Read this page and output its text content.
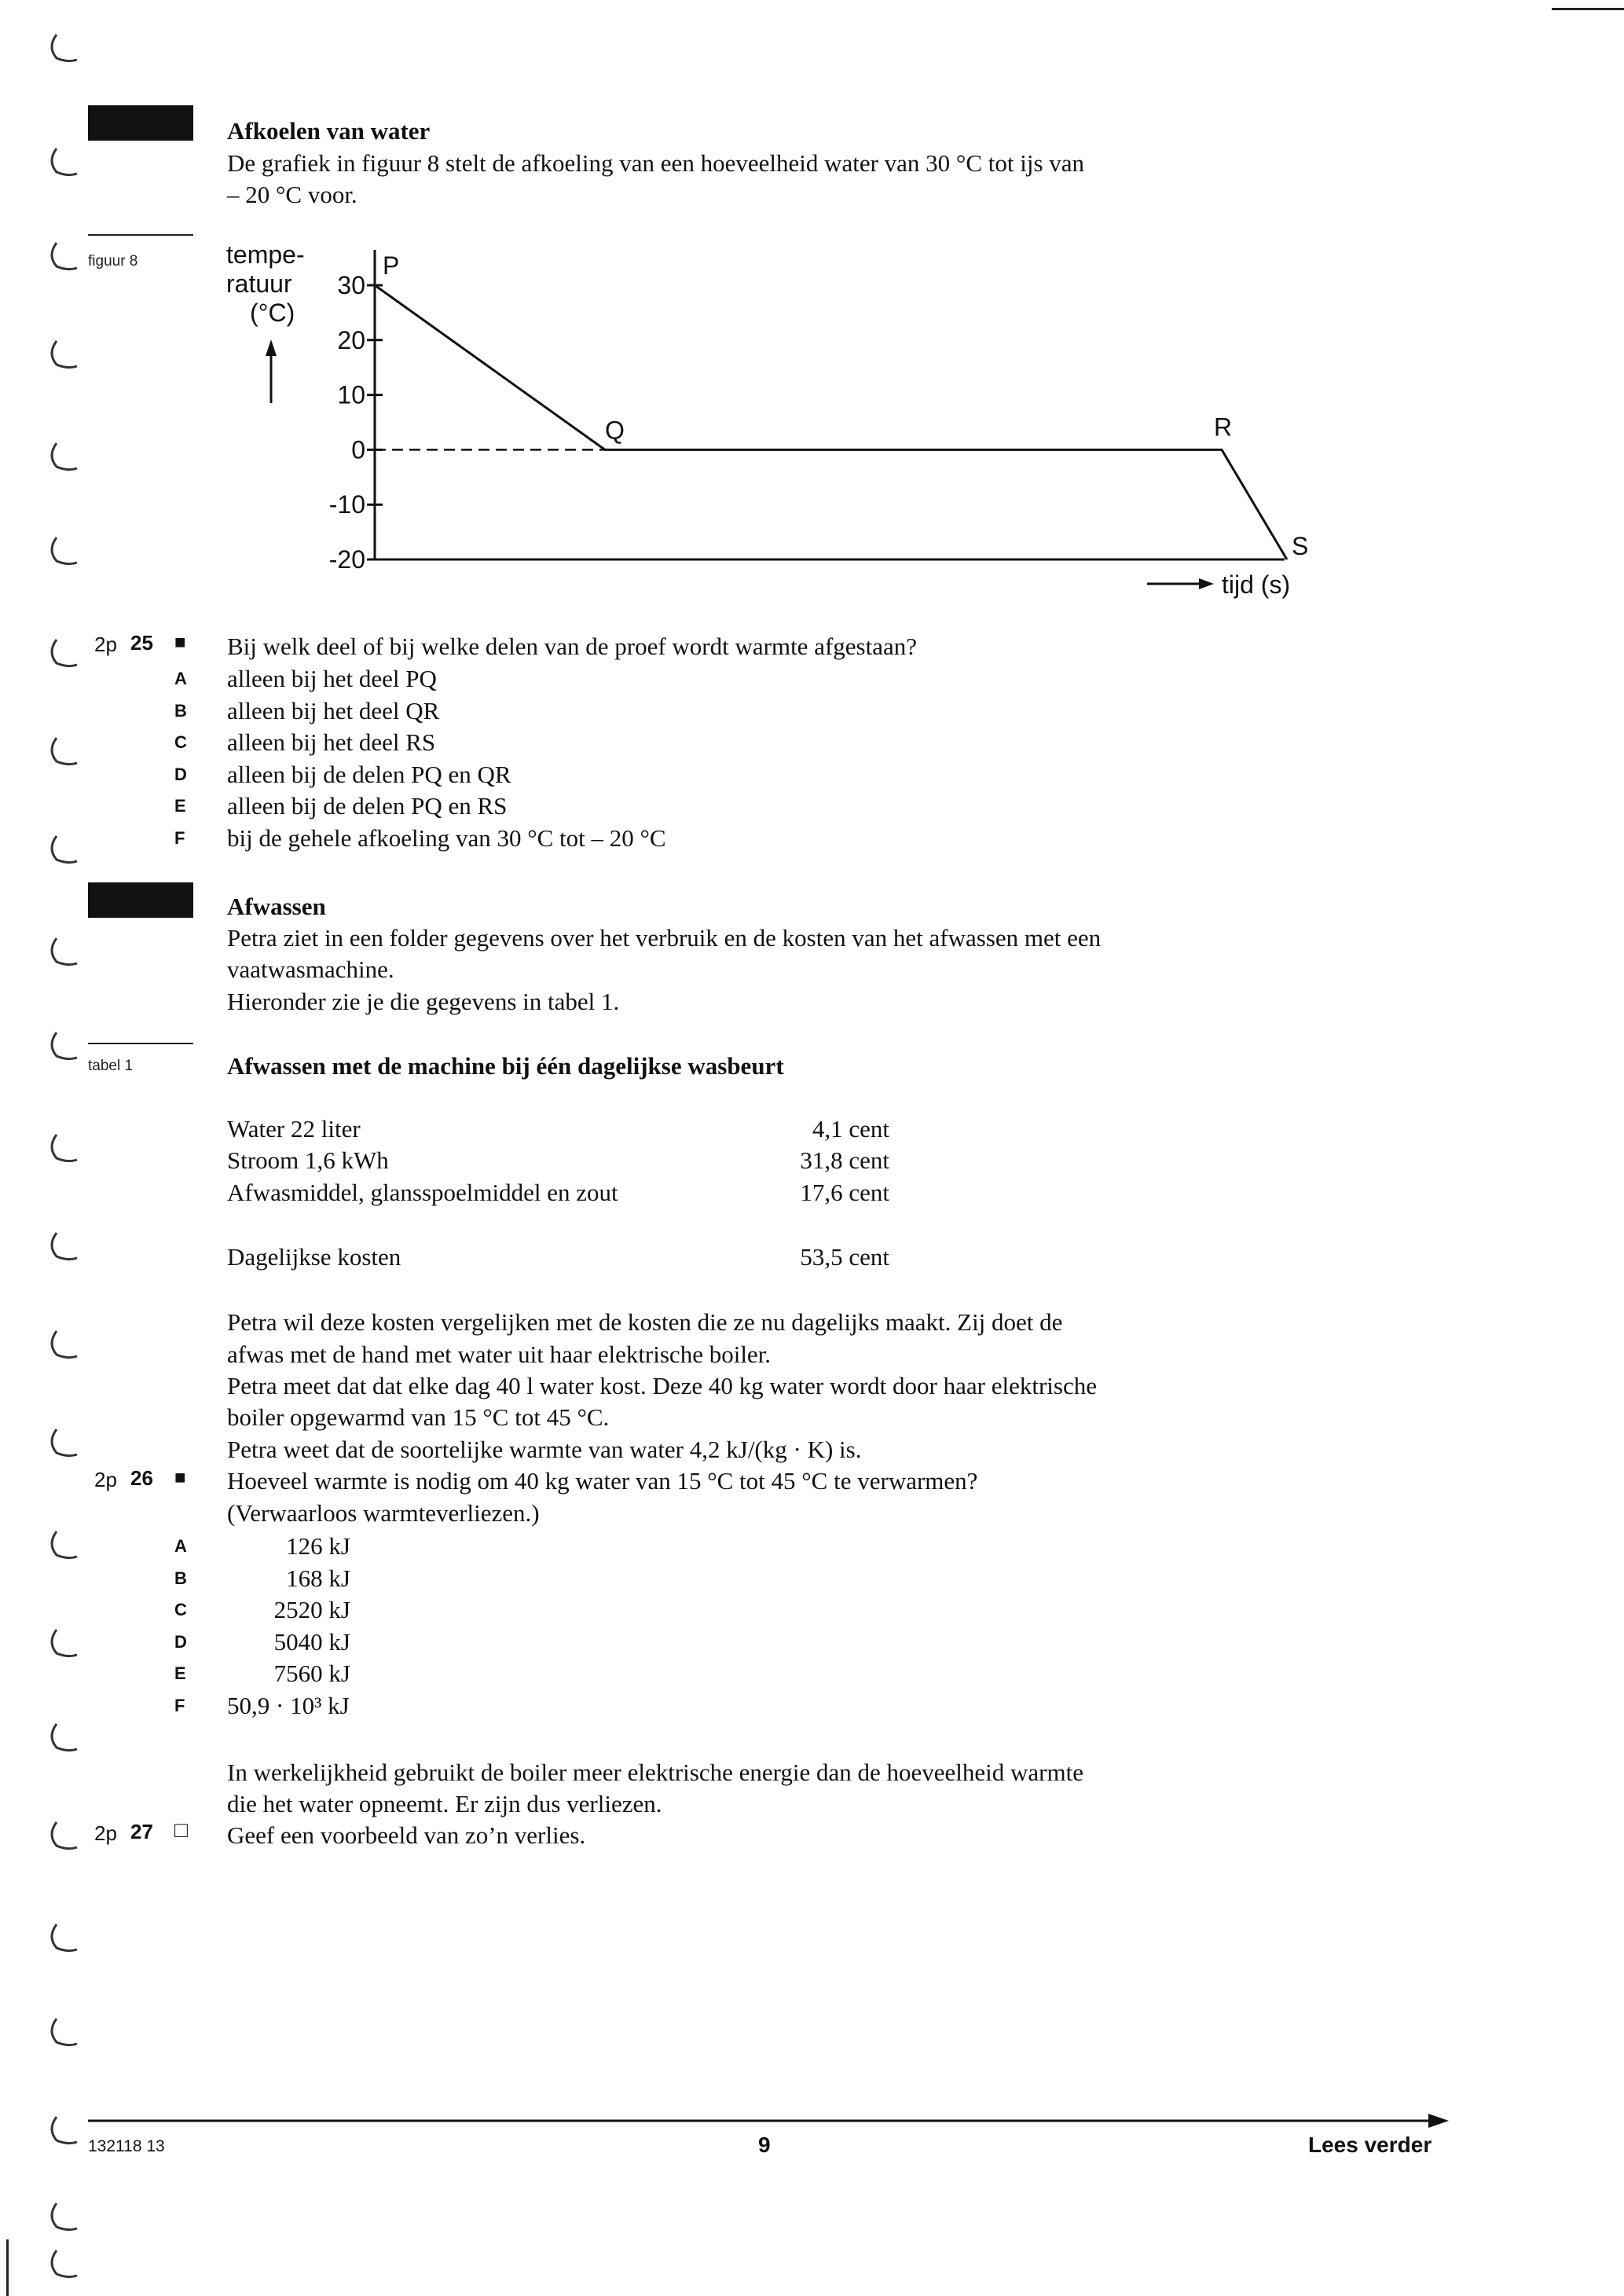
Afkoelen van water
De grafiek in figuur 8 stelt de afkoeling van een hoeveelheid water van 30 °C tot ijs van
– 20 °C voor.
figuur 8	tempe-
ratuur
(°C)
30
20
10
0
-10
-20
P
Q	R
S
tijd (s)
2p 25 ■ Bij welk deel of bij welke delen van de proef wordt warmte afgestaan?
A alleen bij het deel PQ
B alleen bij het deel QR
C alleen bij het deel RS
D alleen bij de delen PQ en QR
E alleen bij de delen PQ en RS
F bij de gehele afkoeling van 30 °C tot – 20 °C
Afwassen
Petra ziet in een folder gegevens over het verbruik en de kosten van het afwassen met een
vaatwasmachine.
Hieronder zie je die gegevens in tabel 1.
tabel 1	Afwassen met de machine bij één dagelijkse wasbeurt
Water 22 liter	4,1 cent
Stroom 1,6 kWh	31,8 cent
Afwasmiddel, glansspoelmiddel en zout	17,6 cent
Dagelijkse kosten	53,5 cent
Petra wil deze kosten vergelijken met de kosten die ze nu dagelijks maakt. Zij doet de
afwas met de hand met water uit haar elektrische boiler.
Petra meet dat dat elke dag 40 l water kost. Deze 40 kg water wordt door haar elektrische
boiler opgewarmd van 15 °C tot 45 °C.
Petra weet dat de soortelijke warmte van water 4,2 kJ/(kg · K) is.
2p 26 ■ Hoeveel warmte is nodig om 40 kg water van 15 °C tot 45 °C te verwarmen?
(Verwaarloos warmteverliezen.)
A	126 kJ
B	168 kJ
C	2520 kJ
D	5040 kJ
E	7560 kJ
F 50,9 · 10³ kJ
In werkelijkheid gebruikt de boiler meer elektrische energie dan de hoeveelheid warmte
die het water opneemt. Er zijn dus verliezen.
2p 27 □ Geef een voorbeeld van zo’n verlies.
132118 13	9	Lees verder
